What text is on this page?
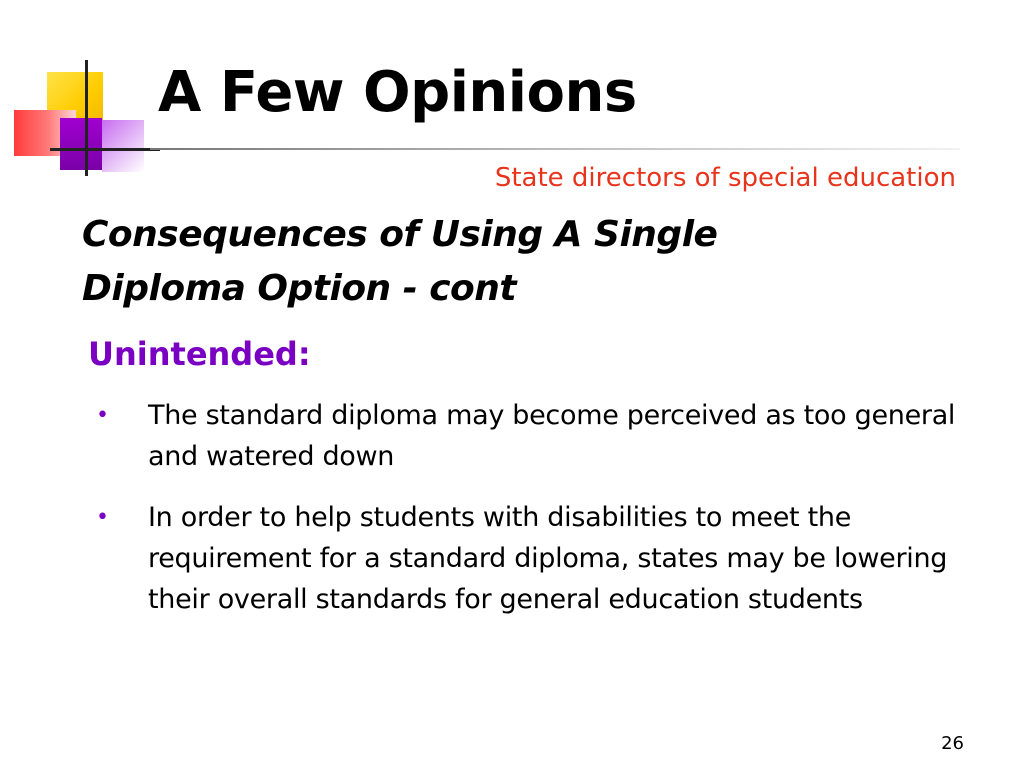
A Few Opinions
State directors of special education
Consequences of Using A Single Diploma Option - cont
Unintended:
• The standard diploma may become perceived as too general and watered down
• In order to help students with disabilities to meet the requirement for a standard diploma, states may be lowering their overall standards for general education students
26
